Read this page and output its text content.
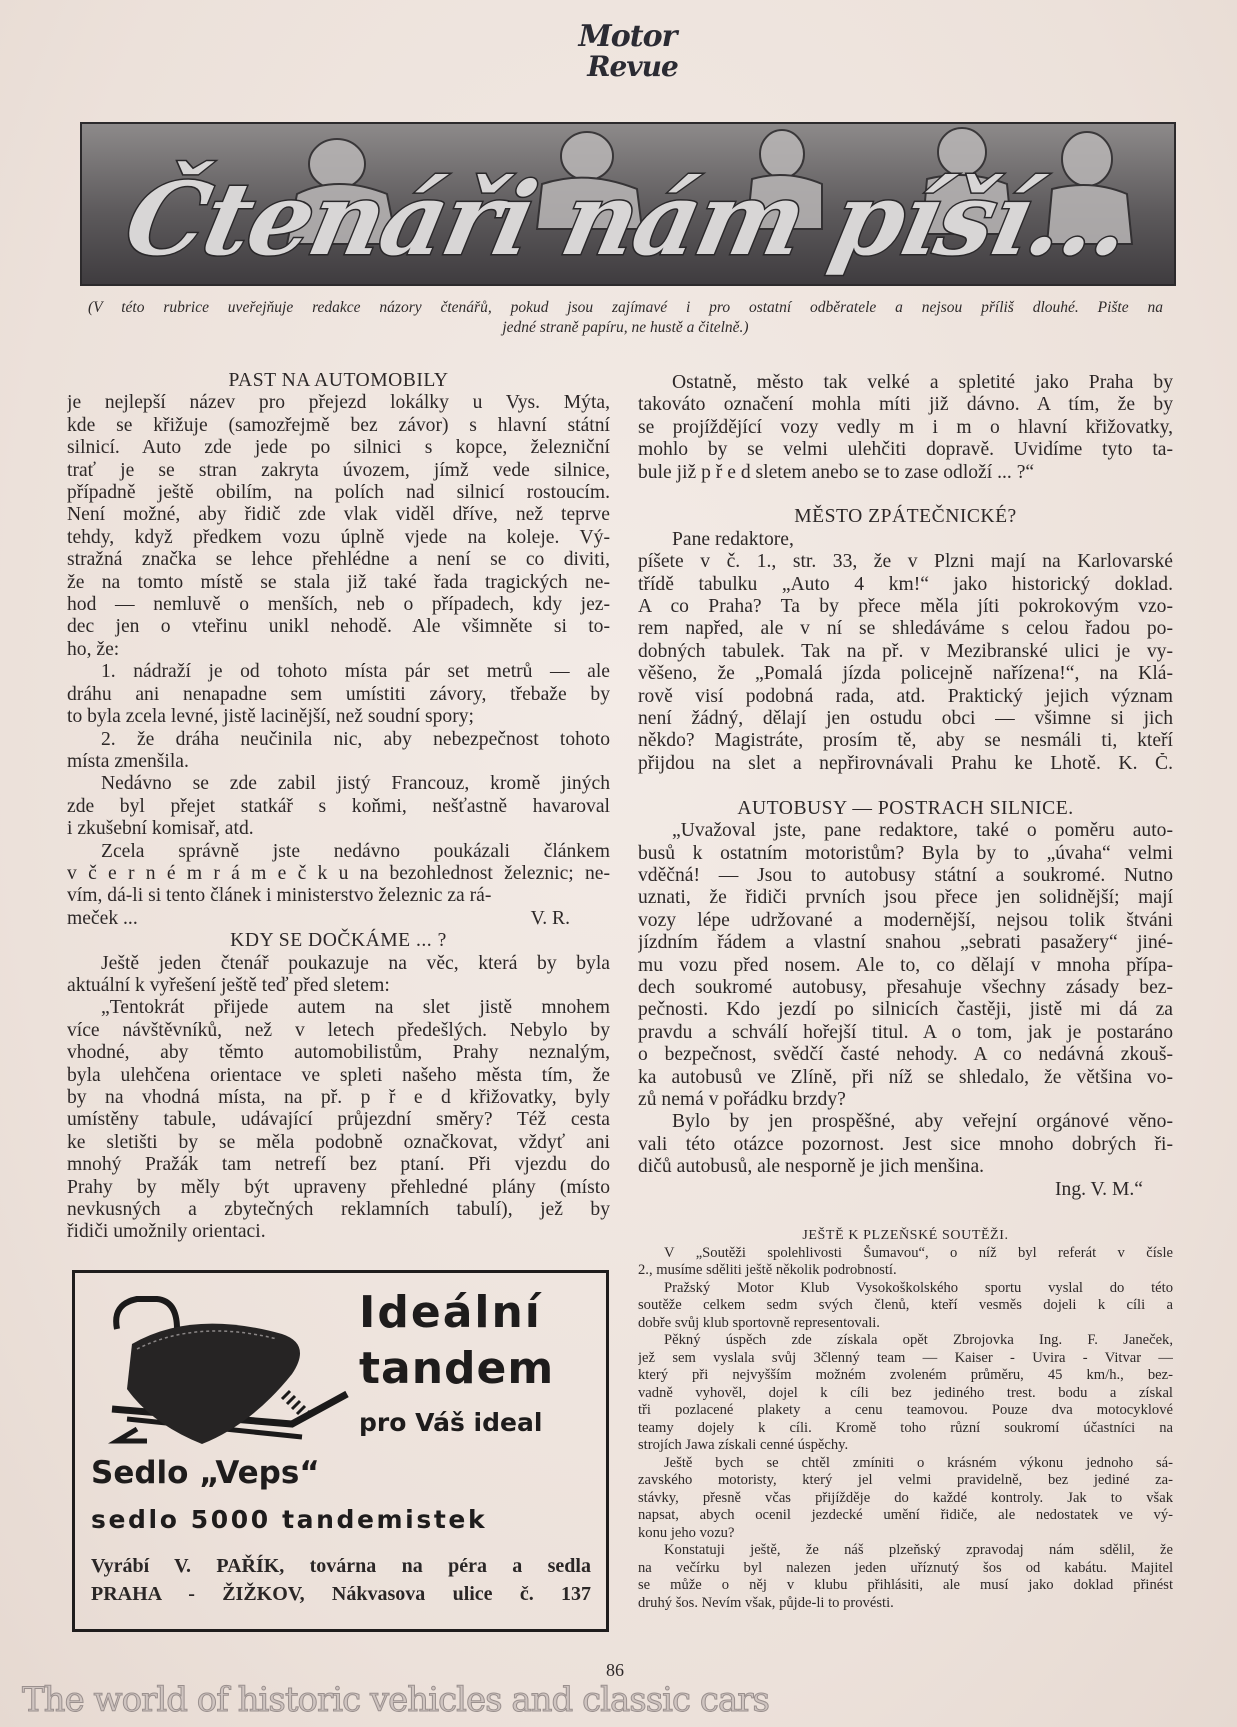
Motor
Revue
Čtenáři nám píší...
(V této rubrice uveřejňuje redakce názory čtenářů, pokud jsou zajímavé i pro ostatní odběratele a nejsou příliš dlouhé. Pište na
jedné straně papíru, ne hustě a čitelně.)
PAST NA AUTOMOBILY
je nejlepší název pro přejezd lokálky u Vys. Mýta,
kde se křižuje (samozřejmě bez závor) s hlavní státní
silnicí. Auto zde jede po silnici s kopce, železniční
trať je se stran zakryta úvozem, jímž vede silnice,
případně ještě obilím, na polích nad silnicí rostoucím.
Není možné, aby řidič zde vlak viděl dříve, než teprve
tehdy, když předkem vozu úplně vjede na koleje. Vý-
stražná značka se lehce přehlédne a není se co diviti,
že na tomto místě se stala již také řada tragických ne-
hod — nemluvě o menších, neb o případech, kdy jez-
dec jen o vteřinu unikl nehodě. Ale všimněte si to-
ho, že:
1. nádraží je od tohoto místa pár set metrů — ale
dráhu ani nenapadne sem umístiti závory, třebaže by
to byla zcela levné, jistě lacinější, než soudní spory;
2. že dráha neučinila nic, aby nebezpečnost tohoto
místa zmenšila.
Nedávno se zde zabil jistý Francouz, kromě jiných
zde byl přejet statkář s koňmi, nešťastně havaroval
i zkušební komisař, atd.
Zcela správně jste nedávno poukázali článkem
v č e r n é m r á m e č k u na bezohlednost železnic; ne-
vím, dá-li si tento článek i ministerstvo železnic za rá-
meček ...	V. R.
KDY SE DOČKÁME ... ?
Ještě jeden čtenář poukazuje na věc, která by byla
aktuální k vyřešení ještě teď před sletem:
„Tentokrát přijede autem na slet jistě mnohem
více návštěvníků, než v letech předešlých. Nebylo by
vhodné, aby těmto automobilistům, Prahy neznalým,
byla ulehčena orientace ve spleti našeho města tím, že
by na vhodná místa, na př. p ř e d křižovatky, byly
umístěny tabule, udávající průjezdní směry? Též cesta
ke sletišti by se měla podobně označkovat, vždyť ani
mnohý Pražák tam netrefí bez ptaní. Při vjezdu do
Prahy by měly být upraveny přehledné plány (místo
nevkusných a zbytečných reklamních tabulí), jež by
řidiči umožnily orientaci.
Ostatně, město tak velké a spletité jako Praha by
takováto označení mohla míti již dávno. A tím, že by
se projíždějící vozy vedly m i m o hlavní křižovatky,
mohlo by se velmi ulehčiti dopravě. Uvidíme tyto ta-
bule již p ř e d sletem anebo se to zase odloží ... ?“
MĚSTO ZPÁTEČNICKÉ?
Pane redaktore,
píšete v č. 1., str. 33, že v Plzni mají na Karlovarské
třídě tabulku „Auto 4 km!“ jako historický doklad.
A co Praha? Ta by přece měla jíti pokrokovým vzo-
rem napřed, ale v ní se shledáváme s celou řadou po-
dobných tabulek. Tak na př. v Mezibranské ulici je vy-
věšeno, že „Pomalá jízda policejně nařízena!“, na Klá-
rově visí podobná rada, atd. Praktický jejich význam
není žádný, dělají jen ostudu obci — všimne si jich
někdo? Magistráte, prosím tě, aby se nesmáli ti, kteří
přijdou na slet a nepřirovnávali Prahu ke Lhotě. K. Č.
AUTOBUSY — POSTRACH SILNICE.
„Uvažoval jste, pane redaktore, také o poměru auto-
busů k ostatním motoristům? Byla by to „úvaha“ velmi
vděčná! — Jsou to autobusy státní a soukromé. Nutno
uznati, že řidiči prvních jsou přece jen solidnější; mají
vozy lépe udržované a modernější, nejsou tolik štváni
jízdním řádem a vlastní snahou „sebrati pasažery“ jiné-
mu vozu před nosem. Ale to, co dělají v mnoha přípa-
dech soukromé autobusy, přesahuje všechny zásady bez-
pečnosti. Kdo jezdí po silnicích častěji, jistě mi dá za
pravdu a schválí hořejší titul. A o tom, jak je postaráno
o bezpečnost, svědčí časté nehody. A co nedávná zkouš-
ka autobusů ve Zlíně, při níž se shledalo, že většina vo-
zů nemá v pořádku brzdy?
Bylo by jen prospěšné, aby veřejní orgánové věno-
vali této otázce pozornost. Jest sice mnoho dobrých ři-
dičů autobusů, ale nesporně je jich menšina.
Ing. V. M.“
JEŠTĚ K PLZEŇSKÉ SOUTĚŽI.
V „Soutěži spolehlivosti Šumavou“, o níž byl referát v čísle
2., musíme sděliti ještě několik podrobností.
Pražský Motor Klub Vysokoškolského sportu vyslal do této
soutěže celkem sedm svých členů, kteří vesměs dojeli k cíli a
dobře svůj klub sportovně representovali.
Pěkný úspěch zde získala opět Zbrojovka Ing. F. Janeček,
jež sem vyslala svůj 3členný team — Kaiser - Uvira - Vitvar —
který při nejvyšším možném zvoleném průměru, 45 km/h., bez-
vadně vyhověl, dojel k cíli bez jediného trest. bodu a získal
tři pozlacené plakety a cenu teamovou. Pouze dva motocyklové
teamy dojely k cíli. Kromě toho různí soukromí účastníci na
strojích Jawa získali cenné úspěchy.
Ještě bych se chtěl zmíniti o krásném výkonu jednoho sá-
zavského motoristy, který jel velmi pravidelně, bez jediné za-
stávky, přesně včas přijížděje do každé kontroly. Jak to však
napsat, abych ocenil jezdecké umění řidiče, ale nedostatek ve vý-
konu jeho vozu?
Konstatuji ještě, že náš plzeňský zpravodaj nám sdělil, že
na večírku byl nalezen jeden uříznutý šos od kabátu. Majitel
se může o něj v klubu přihlásiti, ale musí jako doklad přinést
druhý šos. Nevím však, půjde-li to provésti.
Ideální
tandem
pro Váš ideal
Sedlo „Veps“
sedlo 5000 tandemistek
Vyrábí V. PAŘÍK, továrna na péra a sedla
PRAHA - ŽIŽKOV, Nákvasova ulice č. 137
86
The world of historic vehicles and classic cars
